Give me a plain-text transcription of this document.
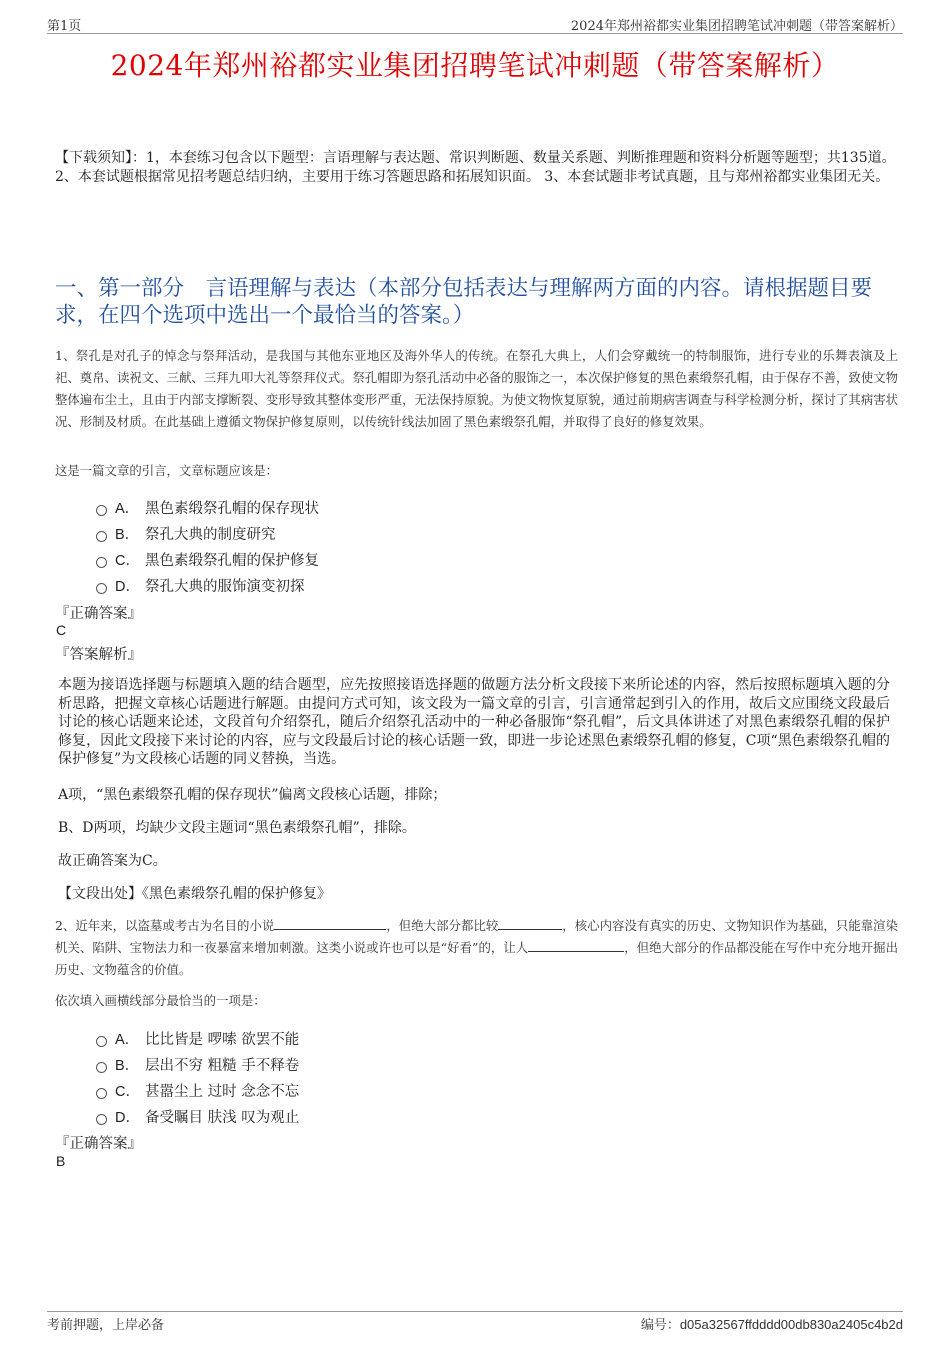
第1页	2024年郑州裕都实业集团招聘笔试冲刺题（带答案解析）
2024年郑州裕都实业集团招聘笔试冲刺题（带答案解析）
【下载须知】：1，本套练习包含以下题型：言语理解与表达题、常识判断题、数量关系题、判断推理题和资料分析题等题型；共135道。 2、本套试题根据常见招考题总结归纳，主要用于练习答题思路和拓展知识面。 3、本套试题非考试真题，且与郑州裕都实业集团无关。
一、第一部分　言语理解与表达（本部分包括表达与理解两方面的内容。请根据题目要求，在四个选项中选出一个最恰当的答案。）
1、祭孔是对孔子的悼念与祭拜活动，是我国与其他东亚地区及海外华人的传统。在祭孔大典上，人们会穿戴统一的特制服饰，进行专业的乐舞表演及上祀、奠帛、读祝文、三献、三拜九叩大礼等祭拜仪式。祭孔帽即为祭孔活动中必备的服饰之一，本次保护修复的黑色素缎祭孔帽，由于保存不善，致使文物整体遍布尘土，且由于内部支撑断裂、变形导致其整体变形严重，无法保持原貌。为使文物恢复原貌，通过前期病害调查与科学检测分析，探讨了其病害状况、形制及材质。在此基础上遵循文物保护修复原则，以传统针线法加固了黑色素缎祭孔帽，并取得了良好的修复效果。
这是一篇文章的引言，文章标题应该是：
A． 黑色素缎祭孔帽的保存现状
B． 祭孔大典的制度研究
C． 黑色素缎祭孔帽的保护修复
D． 祭孔大典的服饰演变初探
『正确答案』
C
『答案解析』
本题为接语选择题与标题填入题的结合题型，应先按照接语选择题的做题方法分析文段接下来所论述的内容，然后按照标题填入题的分析思路，把握文章核心话题进行解题。由提问方式可知，该文段为一篇文章的引言，引言通常起到引入的作用，故后文应围绕文段最后讨论的核心话题来论述，文段首句介绍祭孔，随后介绍祭孔活动中的一种必备服饰“祭孔帽”，后文具体讲述了对黑色素缎祭孔帽的保护修复，因此文段接下来讨论的内容，应与文段最后讨论的核心话题一致，即进一步论述黑色素缎祭孔帽的修复，C项“黑色素缎祭孔帽的保护修复”为文段核心话题的同义替换，当选。
A项，“黑色素缎祭孔帽的保存现状”偏离文段核心话题，排除；
B、D两项，均缺少文段主题词“黑色素缎祭孔帽”，排除。
故正确答案为C。
【文段出处】《黑色素缎祭孔帽的保护修复》
2、近年来，以盗墓或考古为名目的小说	，但绝大部分都比较	，核心内容没有真实的历史、文物知识作为基础，只能靠渲染机关、陷阱、宝物法力和一夜暴富来增加刺激。这类小说或许也可以是“好看”的，让人	，但绝大部分的作品都没能在写作中充分地开掘出历史、文物蕴含的价值。
依次填入画横线部分最恰当的一项是：
A． 比比皆是 啰嗦 欲罢不能
B． 层出不穷 粗糙 手不释卷
C． 甚嚣尘上 过时 念念不忘
D． 备受瞩目 肤浅 叹为观止
『正确答案』
B
考前押题，上岸必备	编号：d05a32567ffdddd00db830a2405c4b2d
